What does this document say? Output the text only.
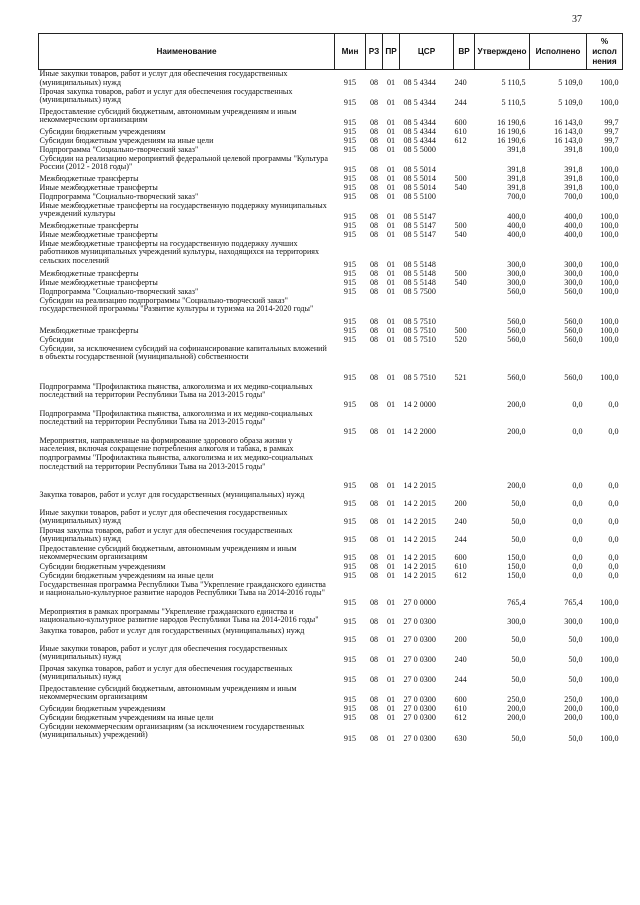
37
Наименование	Мин	РЗ	ПР	ЦСР	ВР	Утверждено	Исполнено	% испол нения
Иные закупки товаров, работ и услуг для обеспечения государственных (муниципальных) нужд	915	08	01	08 5 4344	240	5 110,5	5 109,0	100,0
Прочая закупка товаров, работ и услуг для обеспечения государственных (муниципальных) нужд	915	08	01	08 5 4344	244	5 110,5	5 109,0	100,0
Предоставление субсидий бюджетным, автономным учреждениям и иным некоммерческим организациям	915	08	01	08 5 4344	600	16 190,6	16 143,0	99,7
Субсидии бюджетным учреждениям	915	08	01	08 5 4344	610	16 190,6	16 143,0	99,7
Субсидии бюджетным учреждениям на иные цели	915	08	01	08 5 4344	612	16 190,6	16 143,0	99,7
Подпрограмма "Социально-творческий заказ"	915	08	01	08 5 5000		391,8	391,8	100,0
Субсидии на реализацию мероприятий федеральной целевой программы "Культура России (2012 - 2018 годы)"	915	08	01	08 5 5014		391,8	391,8	100,0
Межбюджетные трансферты	915	08	01	08 5 5014	500	391,8	391,8	100,0
Иные межбюджетные трансферты	915	08	01	08 5 5014	540	391,8	391,8	100,0
Подпрограмма "Социально-творческий заказ"	915	08	01	08 5 5100		700,0	700,0	100,0
Иные межбюджетные трансферты на государственную поддержку муниципальных учреждений культуры	915	08	01	08 5 5147		400,0	400,0	100,0
Межбюджетные трансферты	915	08	01	08 5 5147	500	400,0	400,0	100,0
Иные межбюджетные трансферты	915	08	01	08 5 5147	540	400,0	400,0	100,0
Иные межбюджетные трансферты на государственную поддержку лучших работников муниципальных учреждений культуры, находящихся на территориях сельских поселений	915	08	01	08 5 5148		300,0	300,0	100,0
Межбюджетные трансферты	915	08	01	08 5 5148	500	300,0	300,0	100,0
Иные межбюджетные трансферты	915	08	01	08 5 5148	540	300,0	300,0	100,0
Подпрограмма "Социально-творческий заказ"	915	08	01	08 5 7500		560,0	560,0	100,0
Субсидии на реализацию подпрограммы "Социально-творческий заказ" государственной программы "Развитие культуры и туризма на 2014-2020 годы"	915	08	01	08 5 7510		560,0	560,0	100,0
Межбюджетные трансферты	915	08	01	08 5 7510	500	560,0	560,0	100,0
Субсидии	915	08	01	08 5 7510	520	560,0	560,0	100,0
Субсидии, за исключением субсидий на софинансирование капитальных вложений в объекты государственной (муниципальной) собственности	915	08	01	08 5 7510	521	560,0	560,0	100,0
Подпрограмма "Профилактика пьянства, алкоголизма и их медико-социальных последствий на территории Республики Тыва на 2013-2015 годы"	915	08	01	14 2 0000		200,0	0,0	0,0
Подпрограмма "Профилактика пьянства, алкоголизма и их медико-социальных последствий на территории Республики Тыва на 2013-2015 годы"	915	08	01	14 2 2000		200,0	0,0	0,0
Мероприятия, направленные на формирование здорового образа жизни у населения, включая сокращение потребления алкоголя и табака, в рамках подпрограммы "Профилактика пьянства, алкоголизма и их медико-социальных последствий на территории Республики Тыва на 2013-2015 годы"	915	08	01	14 2 2015		200,0	0,0	0,0
Закупка товаров, работ и услуг для государственных (муниципальных) нужд	915	08	01	14 2 2015	200	50,0	0,0	0,0
Иные закупки товаров, работ и услуг для обеспечения государственных (муниципальных) нужд	915	08	01	14 2 2015	240	50,0	0,0	0,0
Прочая закупка товаров, работ и услуг для обеспечения государственных (муниципальных) нужд	915	08	01	14 2 2015	244	50,0	0,0	0,0
Предоставление субсидий бюджетным, автономным учреждениям и иным некоммерческим организациям	915	08	01	14 2 2015	600	150,0	0,0	0,0
Субсидии бюджетным учреждениям	915	08	01	14 2 2015	610	150,0	0,0	0,0
Субсидии бюджетным учреждениям на иные цели	915	08	01	14 2 2015	612	150,0	0,0	0,0
Государственная программа Республики Тыва "Укрепление гражданского единства и национально-культурное развитие народов Республики Тыва на 2014-2016 годы"	915	08	01	27 0 0000		765,4	765,4	100,0
Мероприятия в рамках программы "Укрепление гражданского единства и национально-культурное развитие народов Республики Тыва на 2014-2016 годы"	915	08	01	27 0 0300		300,0	300,0	100,0
Закупка товаров, работ и услуг для государственных (муниципальных) нужд	915	08	01	27 0 0300	200	50,0	50,0	100,0
Иные закупки товаров, работ и услуг для обеспечения государственных (муниципальных) нужд	915	08	01	27 0 0300	240	50,0	50,0	100,0
Прочая закупка товаров, работ и услуг для обеспечения государственных (муниципальных) нужд	915	08	01	27 0 0300	244	50,0	50,0	100,0
Предоставление субсидий бюджетным, автономным учреждениям и иным некоммерческим организациям	915	08	01	27 0 0300	600	250,0	250,0	100,0
Субсидии бюджетным учреждениям	915	08	01	27 0 0300	610	200,0	200,0	100,0
Субсидии бюджетным учреждениям на иные цели	915	08	01	27 0 0300	612	200,0	200,0	100,0
Субсидии некоммерческим организациям (за исключением государственных (муниципальных) учреждений)	915	08	01	27 0 0300	630	50,0	50,0	100,0
